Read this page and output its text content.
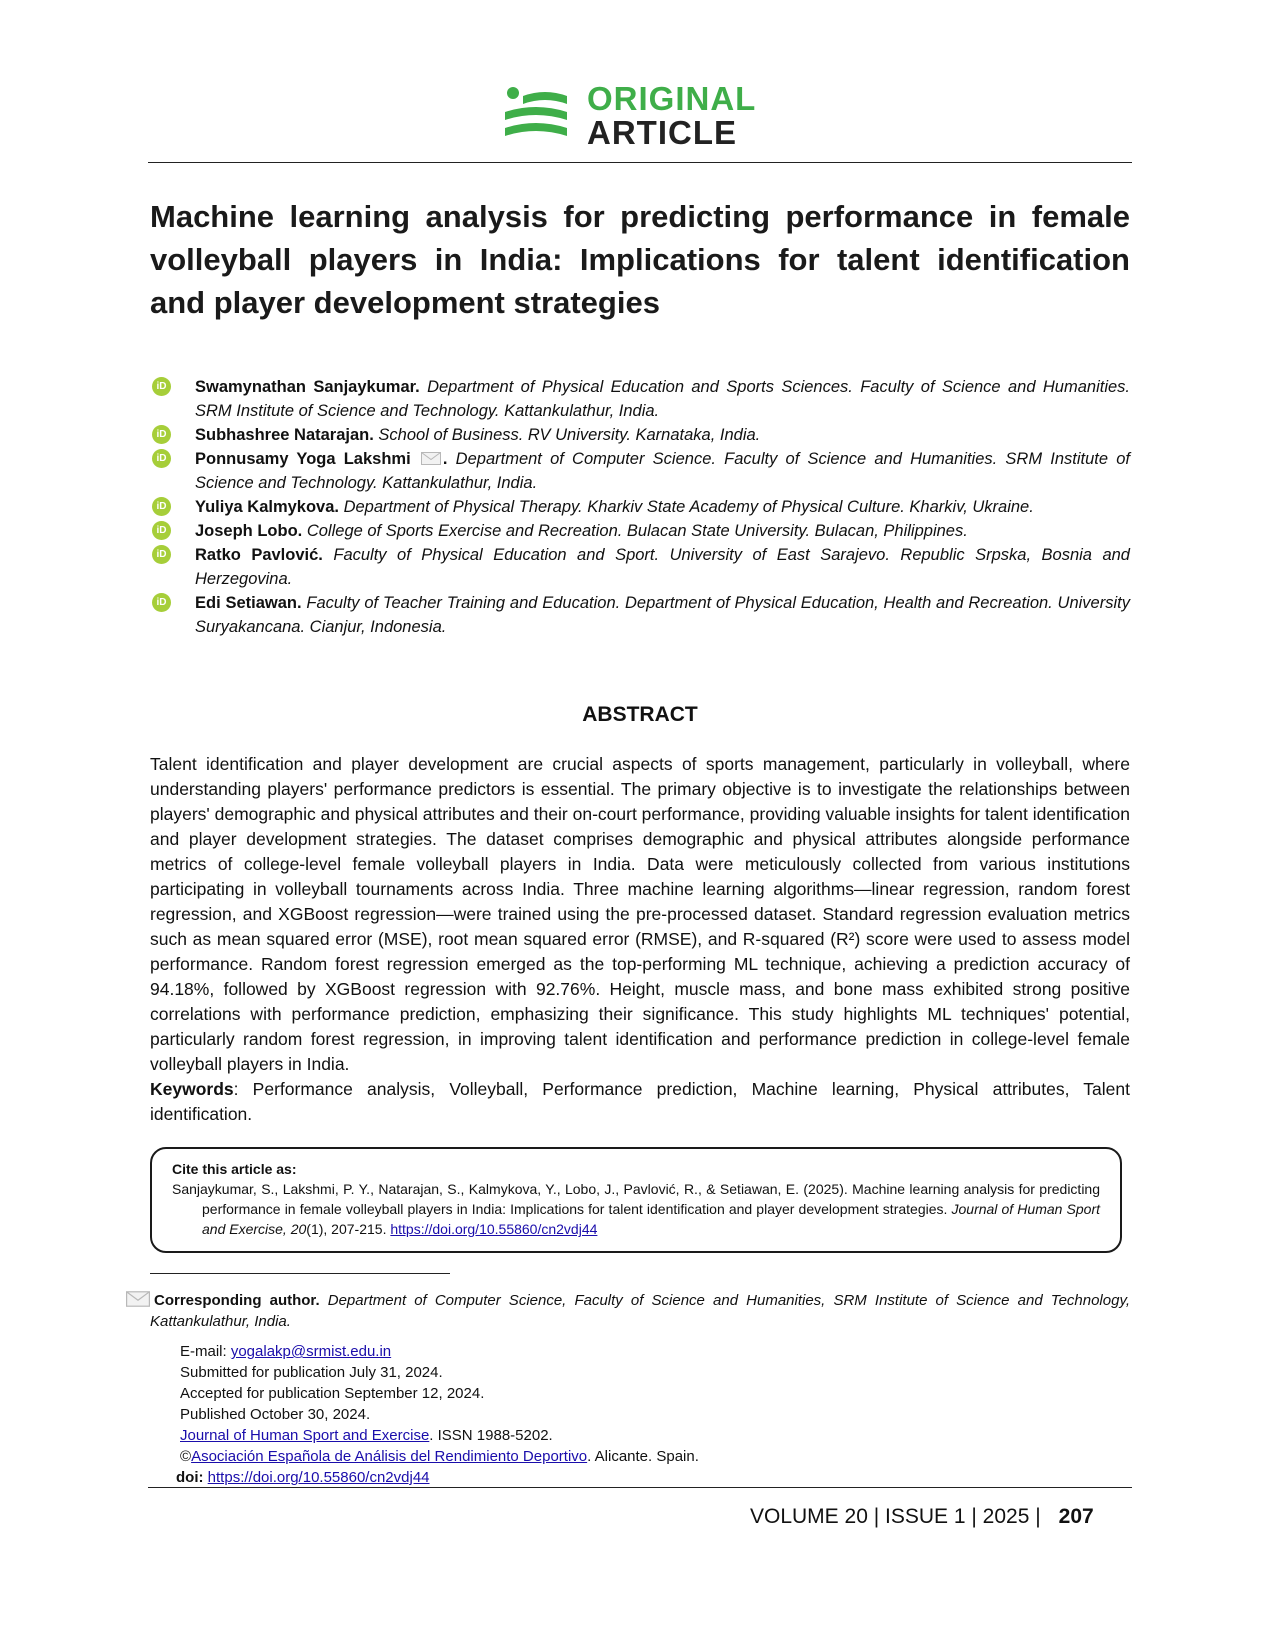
ORIGINAL
ARTICLE
Machine learning analysis for predicting performance in female volleyball players in India: Implications for talent identification and player development strategies
iD Swamynathan Sanjaykumar. Department of Physical Education and Sports Sciences. Faculty of Science and Humanities. SRM Institute of Science and Technology. Kattankulathur, India.
iD Subhashree Natarajan. School of Business. RV University. Karnataka, India.
iD Ponnusamy Yoga Lakshmi . Department of Computer Science. Faculty of Science and Humanities. SRM Institute of Science and Technology. Kattankulathur, India.
iD Yuliya Kalmykova. Department of Physical Therapy. Kharkiv State Academy of Physical Culture. Kharkiv, Ukraine.
iD Joseph Lobo. College of Sports Exercise and Recreation. Bulacan State University. Bulacan, Philippines.
iD Ratko Pavlović. Faculty of Physical Education and Sport. University of East Sarajevo. Republic Srpska, Bosnia and Herzegovina.
iD Edi Setiawan. Faculty of Teacher Training and Education. Department of Physical Education, Health and Recreation. University Suryakancana. Cianjur, Indonesia.
ABSTRACT
Talent identification and player development are crucial aspects of sports management, particularly in volleyball, where understanding players' performance predictors is essential. The primary objective is to investigate the relationships between players' demographic and physical attributes and their on-court performance, providing valuable insights for talent identification and player development strategies. The dataset comprises demographic and physical attributes alongside performance metrics of college-level female volleyball players in India. Data were meticulously collected from various institutions participating in volleyball tournaments across India. Three machine learning algorithms—linear regression, random forest regression, and XGBoost regression—were trained using the pre-processed dataset. Standard regression evaluation metrics such as mean squared error (MSE), root mean squared error (RMSE), and R-squared (R²) score were used to assess model performance. Random forest regression emerged as the top-performing ML technique, achieving a prediction accuracy of 94.18%, followed by XGBoost regression with 92.76%. Height, muscle mass, and bone mass exhibited strong positive correlations with performance prediction, emphasizing their significance. This study highlights ML techniques' potential, particularly random forest regression, in improving talent identification and performance prediction in college-level female volleyball players in India.
Keywords: Performance analysis, Volleyball, Performance prediction, Machine learning, Physical attributes, Talent identification.
Cite this article as:
Sanjaykumar, S., Lakshmi, P. Y., Natarajan, S., Kalmykova, Y., Lobo, J., Pavlović, R., & Setiawan, E. (2025). Machine learning analysis for predicting performance in female volleyball players in India: Implications for talent identification and player development strategies. Journal of Human Sport and Exercise, 20(1), 207-215. https://doi.org/10.55860/cn2vdj44
Corresponding author. Department of Computer Science, Faculty of Science and Humanities, SRM Institute of Science and Technology, Kattankulathur, India.
E-mail: yogalakp@srmist.edu.in
Submitted for publication July 31, 2024.
Accepted for publication September 12, 2024.
Published October 30, 2024.
Journal of Human Sport and Exercise. ISSN 1988-5202.
©Asociación Española de Análisis del Rendimiento Deportivo. Alicante. Spain.
doi: https://doi.org/10.55860/cn2vdj44
VOLUME 20 | ISSUE 1 | 2025 | 207
